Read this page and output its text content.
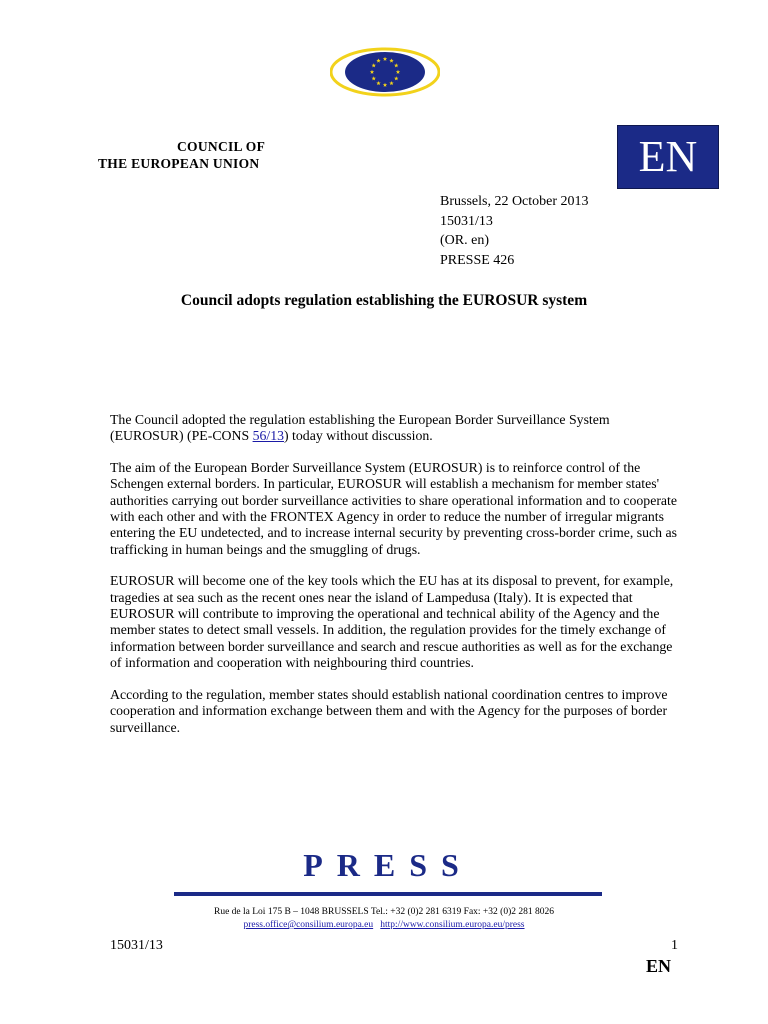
COUNCIL OF
THE EUROPEAN UNION	EN
Brussels, 22 October 2013
15031/13
(OR. en)
PRESSE 426
Council adopts regulation establishing the EUROSUR system

The Council adopted the regulation establishing the European Border Surveillance System (EUROSUR) (PE-CONS 56/13) today without discussion.

The aim of the European Border Surveillance System (EUROSUR) is to reinforce control of the Schengen external borders. In particular, EUROSUR will establish a mechanism for member states' authorities carrying out border surveillance activities to share operational information and to cooperate with each other and with the FRONTEX Agency in order to reduce the number of irregular migrants entering the EU undetected, and to increase internal security by preventing cross-border crime, such as trafficking in human beings and the smuggling of drugs.

EUROSUR will become one of the key tools which the EU has at its disposal to prevent, for example, tragedies at sea such as the recent ones near the island of Lampedusa (Italy). It is expected that EUROSUR will contribute to improving the operational and technical ability of the Agency and the member states to detect small vessels. In addition, the regulation provides for the timely exchange of information between border surveillance and search and rescue authorities as well as for the exchange of information and cooperation with neighbouring third countries.

According to the regulation, member states should establish national coordination centres to improve cooperation and information exchange between them and with the Agency for the purposes of border surveillance.

PRESS
Rue de la Loi 175 B – 1048 BRUSSELS Tel.: +32 (0)2 281 6319 Fax: +32 (0)2 281 8026
press.office@consilium.europa.eu http://www.consilium.europa.eu/press
15031/13	1
EN
